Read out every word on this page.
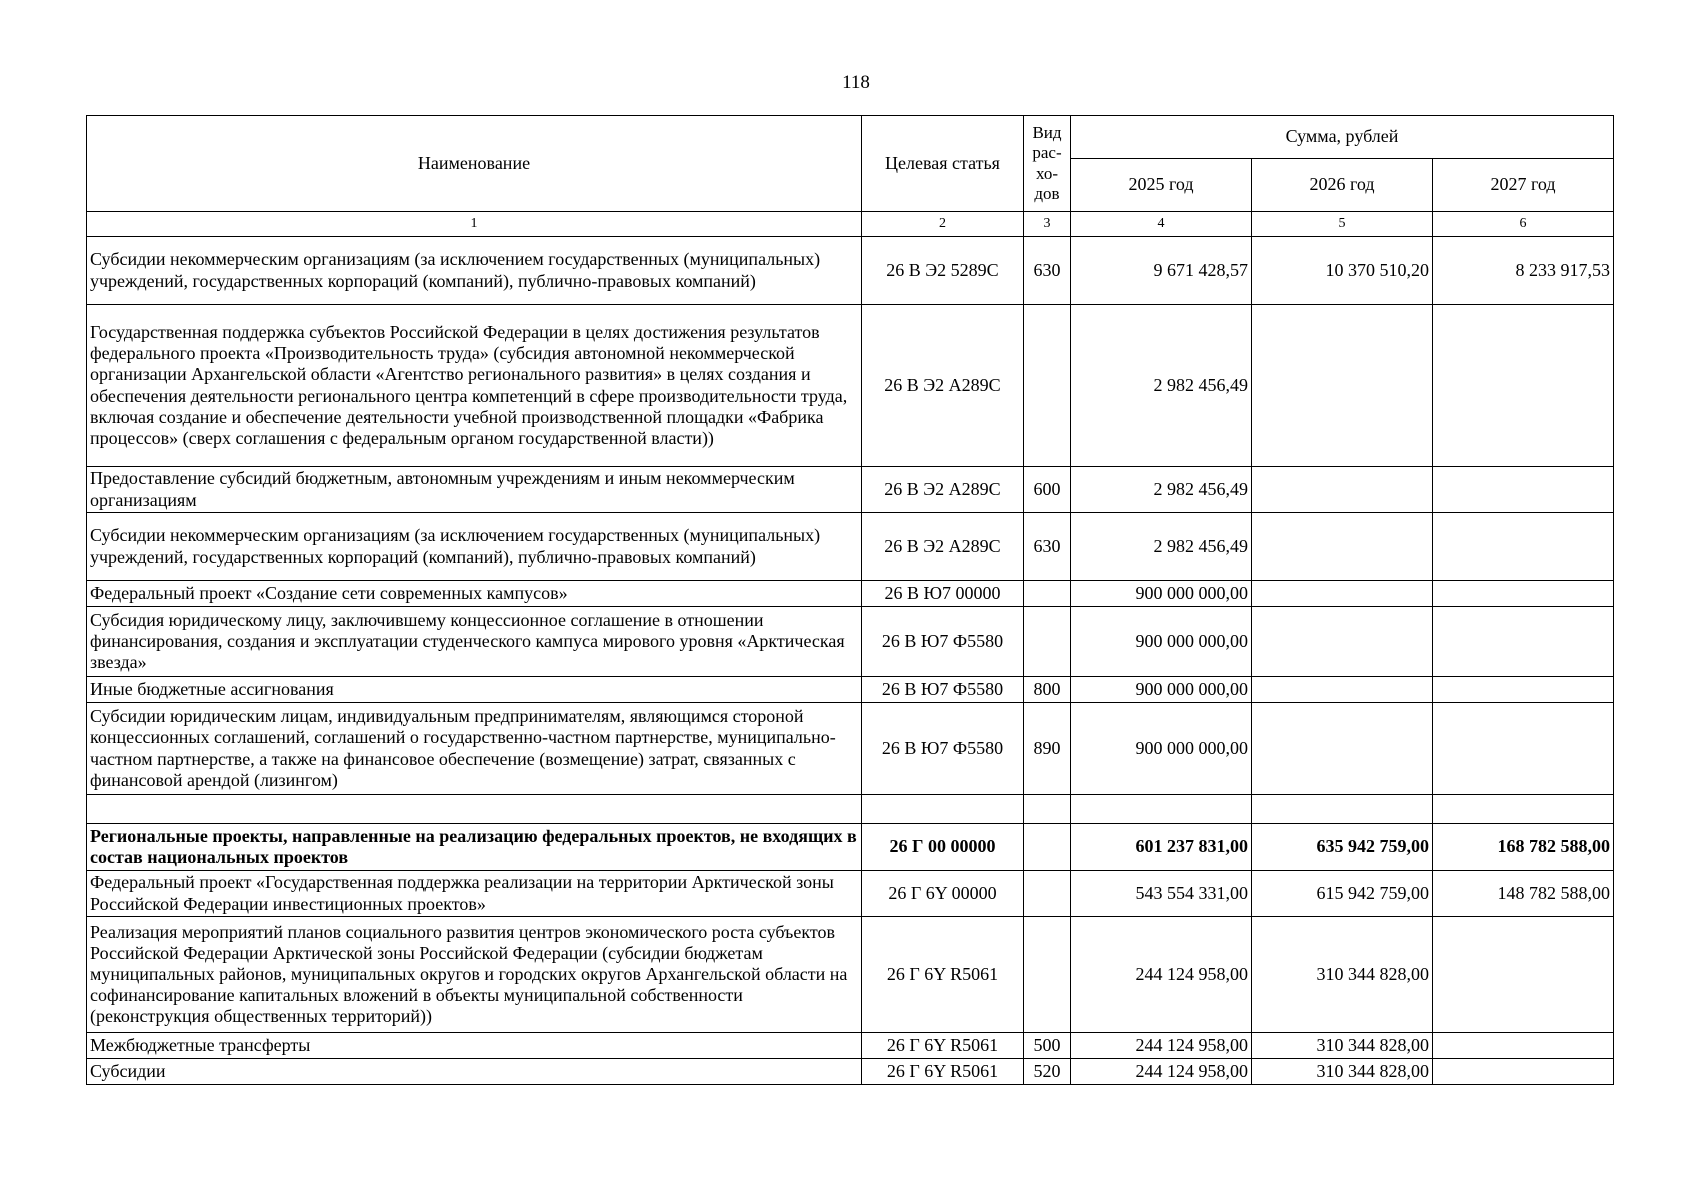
118
Наименование	Целевая статья	Вид
рас-
хо-
дов	Сумма, рублей		
			2025 год	2026 год	2027 год
1	2	3	4	5	6
Субсидии некоммерческим организациям (за исключением государственных (муниципальных) учреждений, государственных корпораций (компаний), публично-правовых компаний)	26 В Э2 5289С	630	9 671 428,57	10 370 510,20	8 233 917,53
Государственная поддержка субъектов Российской Федерации в целях достижения результатов федерального проекта «Производительность труда» (субсидия автономной некоммерческой организации Архангельской области «Агентство регионального развития» в целях создания и обеспечения деятельности регионального центра компетенций в сфере производительности труда, включая создание и обеспечение деятельности учебной производственной площадки «Фабрика процессов» (сверх соглашения с федеральным органом государственной власти))	26 В Э2 А289С		2 982 456,49		
Предоставление субсидий бюджетным, автономным учреждениям и иным некоммерческим организациям	26 В Э2 А289С	600	2 982 456,49		
Субсидии некоммерческим организациям (за исключением государственных (муниципальных) учреждений, государственных корпораций (компаний), публично-правовых компаний)	26 В Э2 А289С	630	2 982 456,49		
Федеральный проект «Создание сети современных кампусов»	26 В Ю7 00000		900 000 000,00		
Субсидия юридическому лицу, заключившему концессионное соглашение в отношении финансирования, создания и эксплуатации студенческого кампуса мирового уровня «Арктическая звезда»	26 В Ю7 Ф5580		900 000 000,00		
Иные бюджетные ассигнования	26 В Ю7 Ф5580	800	900 000 000,00		
Субсидии юридическим лицам, индивидуальным предпринимателям, являющимся стороной концессионных соглашений, соглашений о государственно-частном партнерстве, муниципально-частном партнерстве, а также на финансовое обеспечение (возмещение) затрат, связанных с финансовой арендой (лизингом)	26 В Ю7 Ф5580	890	900 000 000,00		

Региональные проекты, направленные на реализацию федеральных проектов, не входящих в состав национальных проектов	26 Г 00 00000		601 237 831,00	635 942 759,00	168 782 588,00
Федеральный проект «Государственная поддержка реализации на территории Арктической зоны Российской Федерации инвестиционных проектов»	26 Г 6Y 00000		543 554 331,00	615 942 759,00	148 782 588,00
Реализация мероприятий планов социального развития центров экономического роста субъектов Российской Федерации Арктической зоны Российской Федерации (субсидии бюджетам муниципальных районов, муниципальных округов и городских округов Архангельской области на софинансирование капитальных вложений в объекты муниципальной собственности (реконструкция общественных территорий))	26 Г 6Y R5061		244 124 958,00	310 344 828,00	
Межбюджетные трансферты	26 Г 6Y R5061	500	244 124 958,00	310 344 828,00	
Субсидии	26 Г 6Y R5061	520	244 124 958,00	310 344 828,00	
